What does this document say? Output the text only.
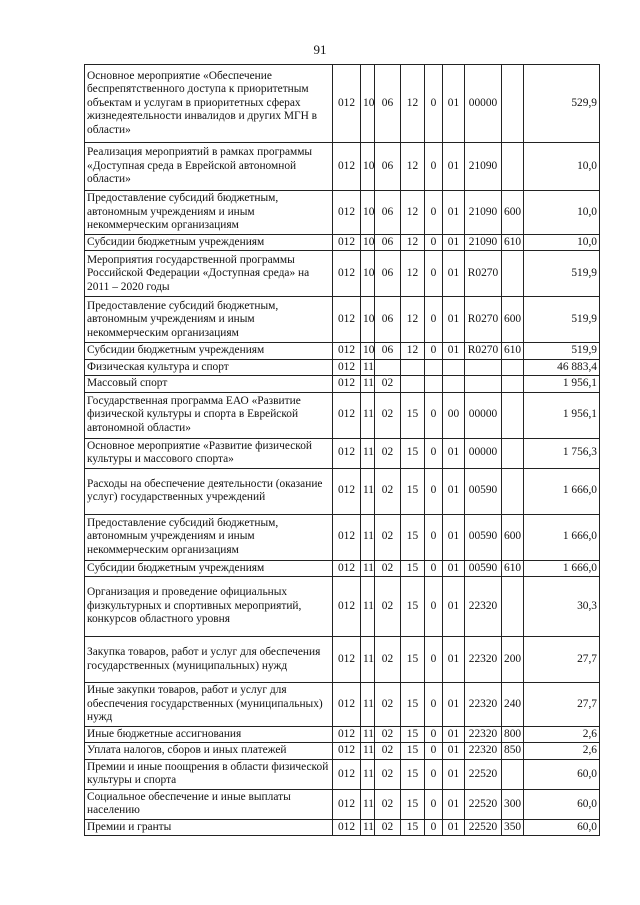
91
Основное мероприятие «Обеспечение беспрепятственного доступа к приоритетным объектам и услугам в приоритетных сферах жизнедеятельности инвалидов и других МГН в области»	012	10	06	12	0	01	00000		529,9
Реализация мероприятий в рамках программы «Доступная среда в Еврейской автономной области»	012	10	06	12	0	01	21090		10,0
Предоставление субсидий бюджетным, автономным учреждениям и иным некоммерческим организациям	012	10	06	12	0	01	21090	600	10,0
Субсидии бюджетным учреждениям	012	10	06	12	0	01	21090	610	10,0
Мероприятия государственной программы Российской Федерации «Доступная среда» на 2011 – 2020 годы	012	10	06	12	0	01	R0270		519,9
Предоставление субсидий бюджетным, автономным учреждениям и иным некоммерческим организациям	012	10	06	12	0	01	R0270	600	519,9
Субсидии бюджетным учреждениям	012	10	06	12	0	01	R0270	610	519,9
Физическая культура и спорт	012	11							46 883,4
Массовый спорт	012	11	02						1 956,1
Государственная программа ЕАО «Развитие физической культуры и спорта в Еврейской автономной области»	012	11	02	15	0	00	00000		1 956,1
Основное мероприятие «Развитие физической культуры и массового спорта»	012	11	02	15	0	01	00000		1 756,3
Расходы на обеспечение деятельности (оказание услуг) государственных учреждений	012	11	02	15	0	01	00590		1 666,0
Предоставление субсидий бюджетным, автономным учреждениям и иным некоммерческим организациям	012	11	02	15	0	01	00590	600	1 666,0
Субсидии бюджетным учреждениям	012	11	02	15	0	01	00590	610	1 666,0
Организация и проведение официальных физкультурных и спортивных мероприятий, конкурсов областного уровня	012	11	02	15	0	01	22320		30,3
Закупка товаров, работ и услуг для обеспечения государственных (муниципальных) нужд	012	11	02	15	0	01	22320	200	27,7
Иные закупки товаров, работ и услуг для обеспечения государственных (муниципальных) нужд	012	11	02	15	0	01	22320	240	27,7
Иные бюджетные ассигнования	012	11	02	15	0	01	22320	800	2,6
Уплата налогов, сборов и иных платежей	012	11	02	15	0	01	22320	850	2,6
Премии и иные поощрения в области физической культуры и спорта	012	11	02	15	0	01	22520		60,0
Социальное обеспечение и иные выплаты населению	012	11	02	15	0	01	22520	300	60,0
Премии и гранты	012	11	02	15	0	01	22520	350	60,0
